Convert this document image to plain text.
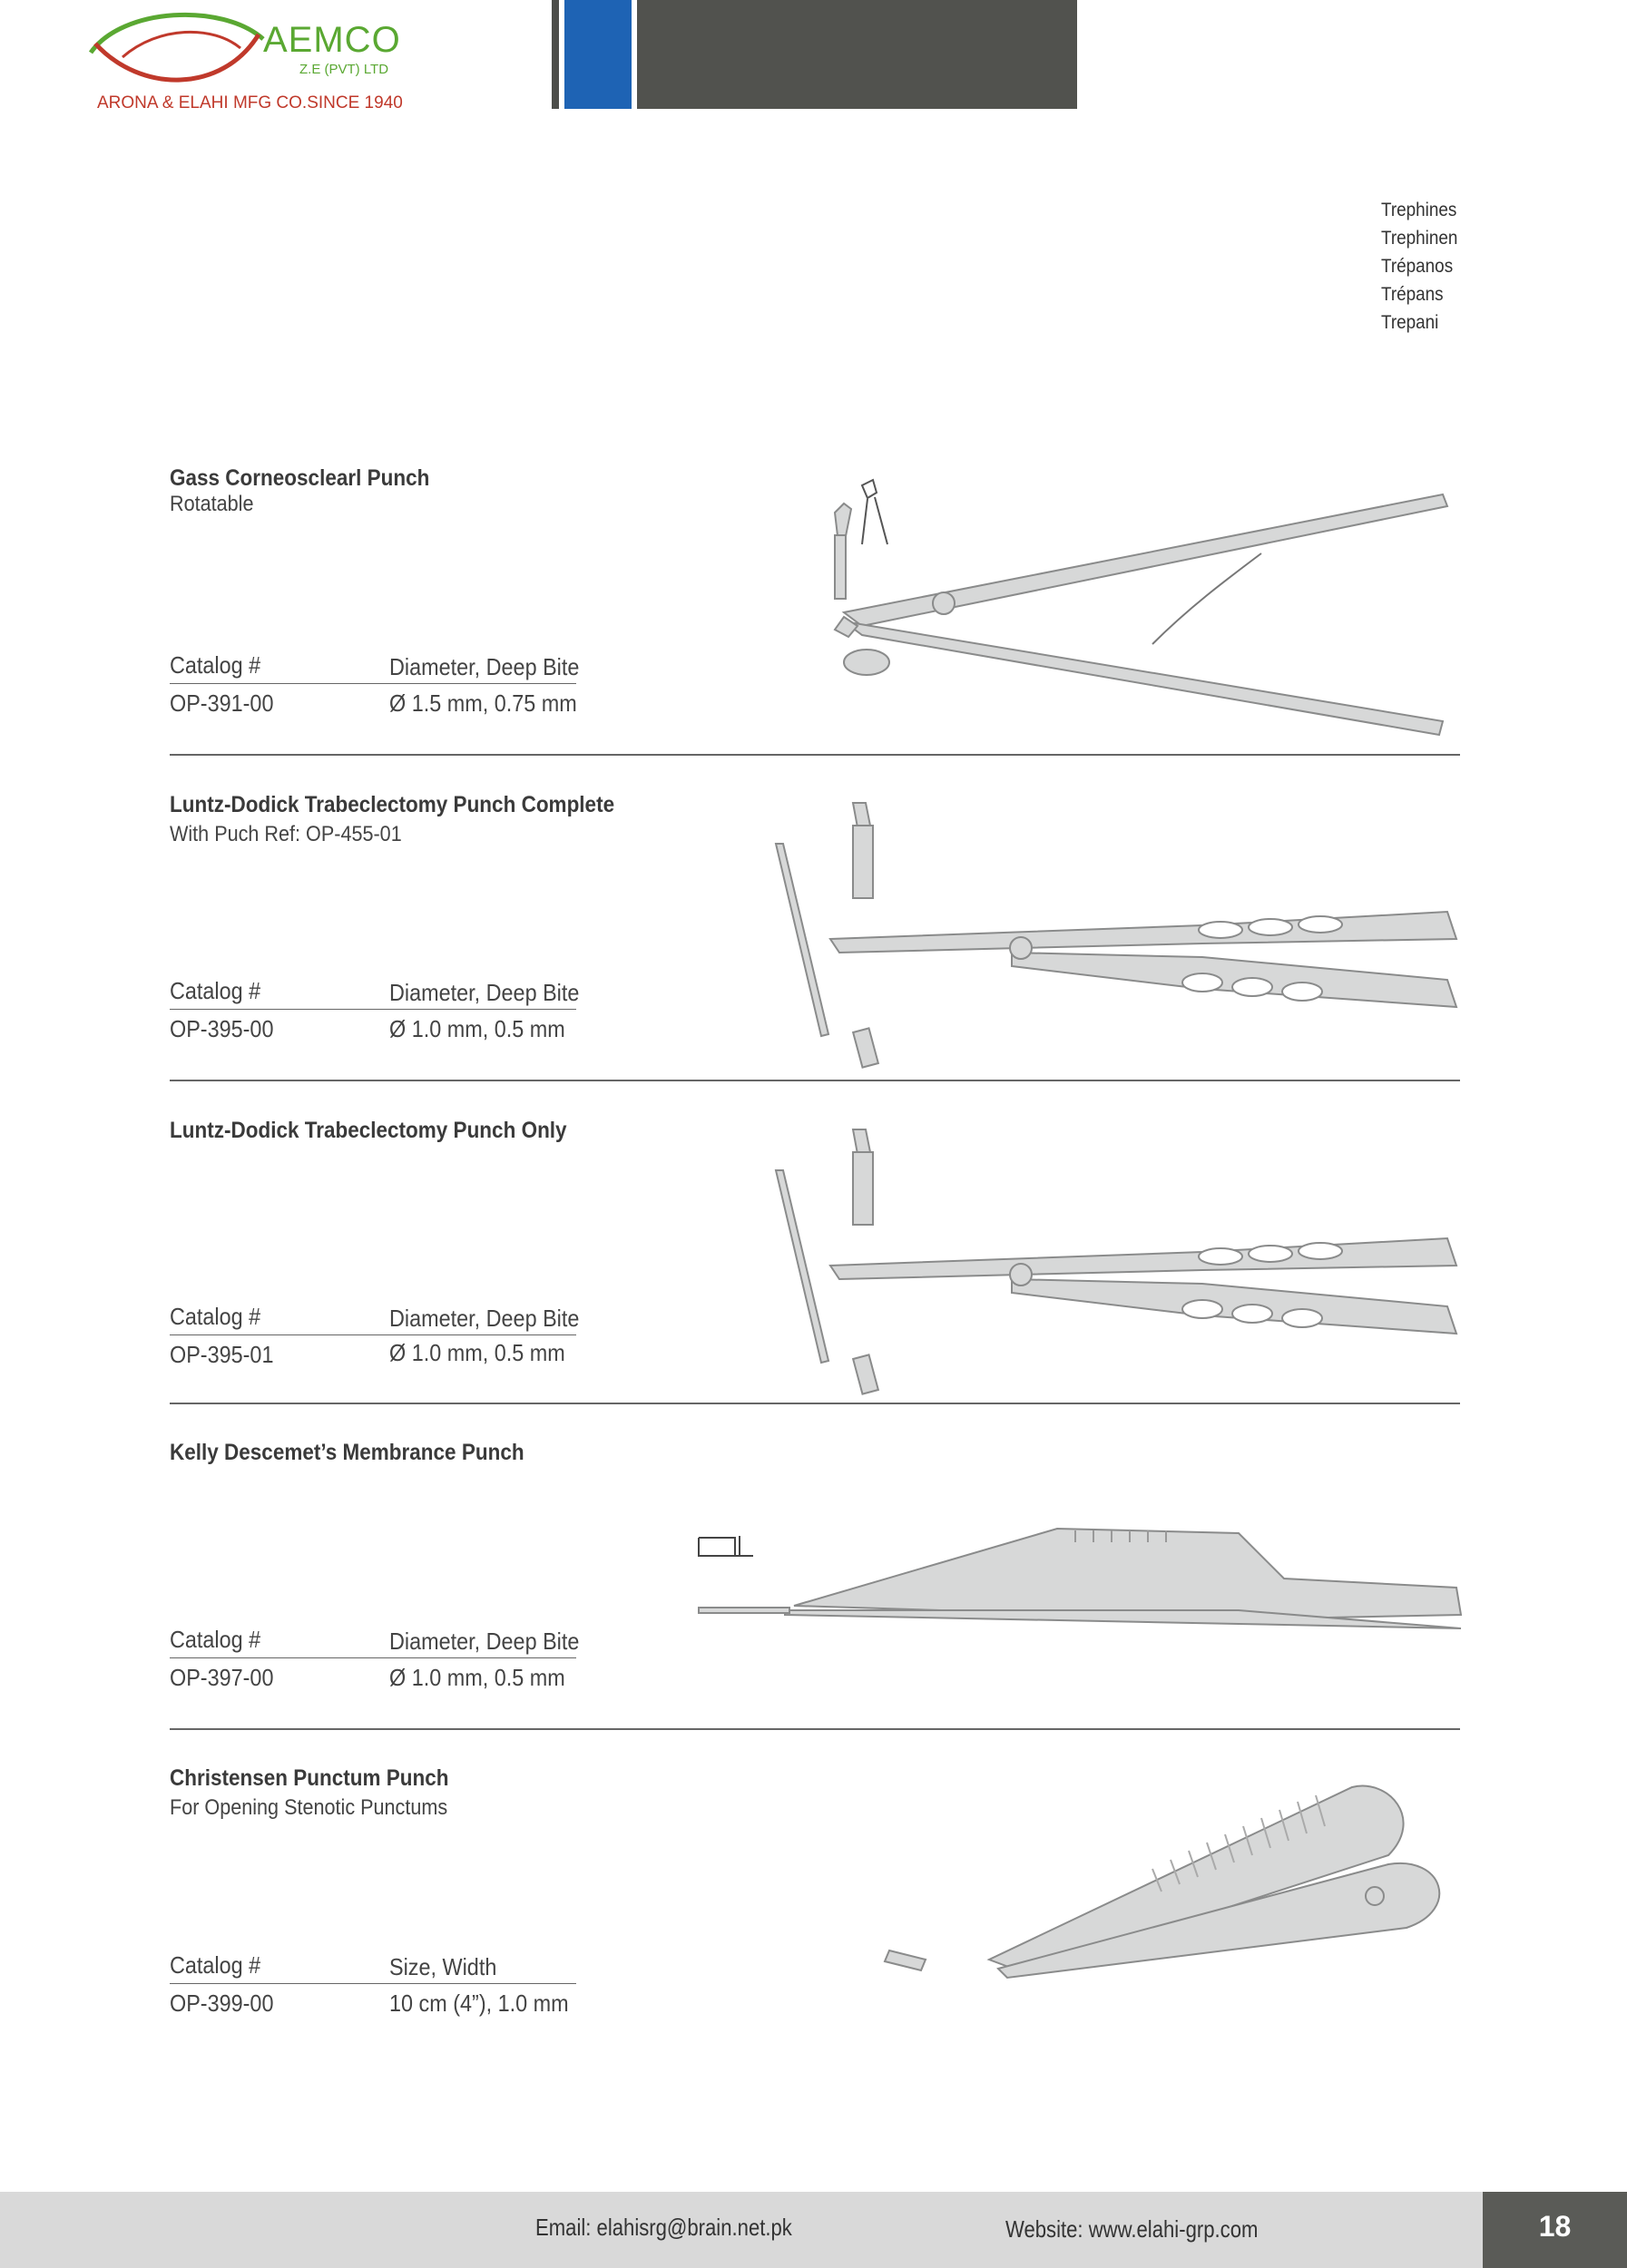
AEMCO
Z.E (PVT) LTD
ARONA & ELAHI MFG CO.SINCE 1940
Trephines
Trephinen
Trépanos
Trépans
Trepani
Gass Corneosclearl Punch
Rotatable
Catalog #	Diameter, Deep Bite
OP-391-00	Ø 1.5 mm, 0.75 mm
Luntz-Dodick Trabeclectomy Punch Complete
With Puch Ref: OP-455-01
Catalog #	Diameter, Deep Bite
OP-395-00	Ø 1.0 mm, 0.5 mm
Luntz-Dodick Trabeclectomy Punch Only
Catalog #	Diameter, Deep Bite
OP-395-01	Ø 1.0 mm, 0.5 mm
Kelly Descemet’s Membrance Punch
Catalog #	Diameter, Deep Bite
OP-397-00	Ø 1.0 mm, 0.5 mm
Christensen Punctum Punch
For Opening Stenotic Punctums
Catalog #	Size, Width
OP-399-00	10 cm (4”), 1.0 mm
Email: elahisrg@brain.net.pk	Website: www.elahi-grp.com	18
